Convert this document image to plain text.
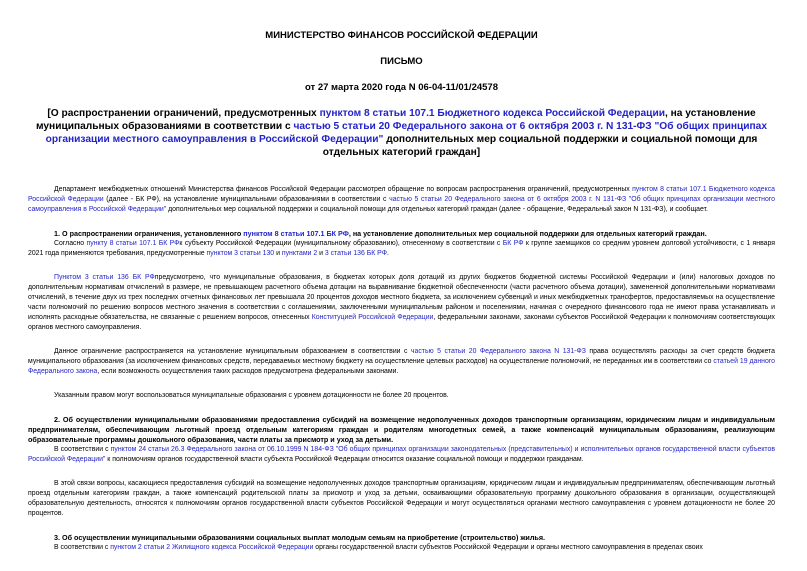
МИНИСТЕРСТВО ФИНАНСОВ РОССИЙСКОЙ ФЕДЕРАЦИИ
ПИСЬМО
от 27 марта 2020 года N 06-04-11/01/24578

[О распространении ограничений, предусмотренных пунктом 8 статьи 107.1 Бюджетного кодекса Российской Федерации, на установление муниципальных образованиями в соответствии с частью 5 статьи 20 Федерального закона от 6 октября 2003 г. N 131-ФЗ "Об общих принципах организации местного самоуправления в Российской Федерации" дополнительных мер социальной поддержки и социальной помощи для отдельных категорий граждан]

Департамент межбюджетных отношений Министерства финансов Российской Федерации рассмотрел обращение по вопросам распространения ограничений, предусмотренных пунктом 8 статьи 107.1 Бюджетного кодекса Российской Федерации (далее - БК РФ), на установление муниципальными образованиями в соответствии с частью 5 статьи 20 Федерального закона от 6 октября 2003 г. N 131-ФЗ "Об общих принципах организации местного самоуправления в Российской Федерации" дополнительных мер социальной поддержки и социальной помощи для отдельных категорий граждан (далее - обращение, Федеральный закон N 131-ФЗ), и сообщает.

1. О распространении ограничения, установленного пунктом 8 статьи 107.1 БК РФ, на установление дополнительных мер социальной поддержки для отдельных категорий граждан.

Согласно пункту 8 статьи 107.1 БК РФк субъекту Российской Федерации (муниципальному образованию), отнесенному в соответствии с БК РФ к группе заемщиков со средним уровнем долговой устойчивости, с 1 января 2021 года применяются требования, предусмотренные пунктом 3 статьи 130 и пунктами 2 и 3 статьи 136 БК РФ.

Пунктом 3 статьи 136 БК РФпредусмотрено, что муниципальные образования, в бюджетах которых доля дотаций из других бюджетов бюджетной системы Российской Федерации и (или) налоговых доходов по дополнительным нормативам отчислений в размере, не превышающем расчетного объема дотации на выравнивание бюджетной обеспеченности (части расчетного объема дотации), замененной дополнительными нормативами отчислений, в течение двух из трех последних отчетных финансовых лет превышала 20 процентов доходов местного бюджета, за исключением субвенций и иных межбюджетных трансфертов, предоставляемых на осуществление части полномочий по решению вопросов местного значения в соответствии с соглашениями, заключенными муниципальным районом и поселениями, начиная с очередного финансового года не имеют права устанавливать и исполнять расходные обязательства, не связанные с решением вопросов, отнесенных Конституцией Российской Федерации, федеральными законами, законами субъектов Российской Федерации к полномочиям соответствующих органов местного самоуправления.

Данное ограничение распространяется на установление муниципальным образованием в соответствии с частью 5 статьи 20 Федерального закона N 131-ФЗ права осуществлять расходы за счет средств бюджета муниципального образования (за исключением финансовых средств, передаваемых местному бюджету на осуществление целевых расходов) на осуществление полномочий, не переданных им в соответствии со статьей 19 данного Федерального закона, если возможность осуществления таких расходов предусмотрена федеральными законами.

Указанным правом могут воспользоваться муниципальные образования с уровнем дотационности не более 20 процентов.

2. Об осуществлении муниципальными образованиями предоставления субсидий на возмещение недополученных доходов транспортным организациям, юридическим лицам и индивидуальным предпринимателям, обеспечивающим льготный проезд отдельным категориям граждан и родителям многодетных семей, а также компенсаций муниципальным образованиям, реализующим образовательные программы дошкольного образования, части платы за присмотр и уход за детьми.

В соответствии с пунктом 24 статьи 26.3 Федерального закона от 06.10.1999 N 184-ФЗ "Об общих принципах организации законодательных (представительных) и исполнительных органов государственной власти субъектов Российской Федерации" к полномочиям органов государственной власти субъекта Российской Федерации относится оказание социальной помощи и поддержки гражданам.

В этой связи вопросы, касающиеся предоставления субсидий на возмещение недополученных доходов транспортным организациям, юридическим лицам и индивидуальным предпринимателям, обеспечивающим льготный проезд отдельным категориям граждан, а также компенсаций родительской платы за присмотр и уход за детьми, осваивающими образовательную программу дошкольного образования в организации, осуществляющей образовательную деятельность, относятся к полномочиям органов государственной власти субъектов Российской Федерации и могут осуществляться органами местного самоуправления с уровнем дотационности не более 20 процентов.

3. Об осуществлении муниципальными образованиями социальных выплат молодым семьям на приобретение (строительство) жилья.

В соответствии с пунктом 2 статьи 2 Жилищного кодекса Российской Федерации органы государственной власти субъектов Российской Федерации и органы местного самоуправления в пределах своих
